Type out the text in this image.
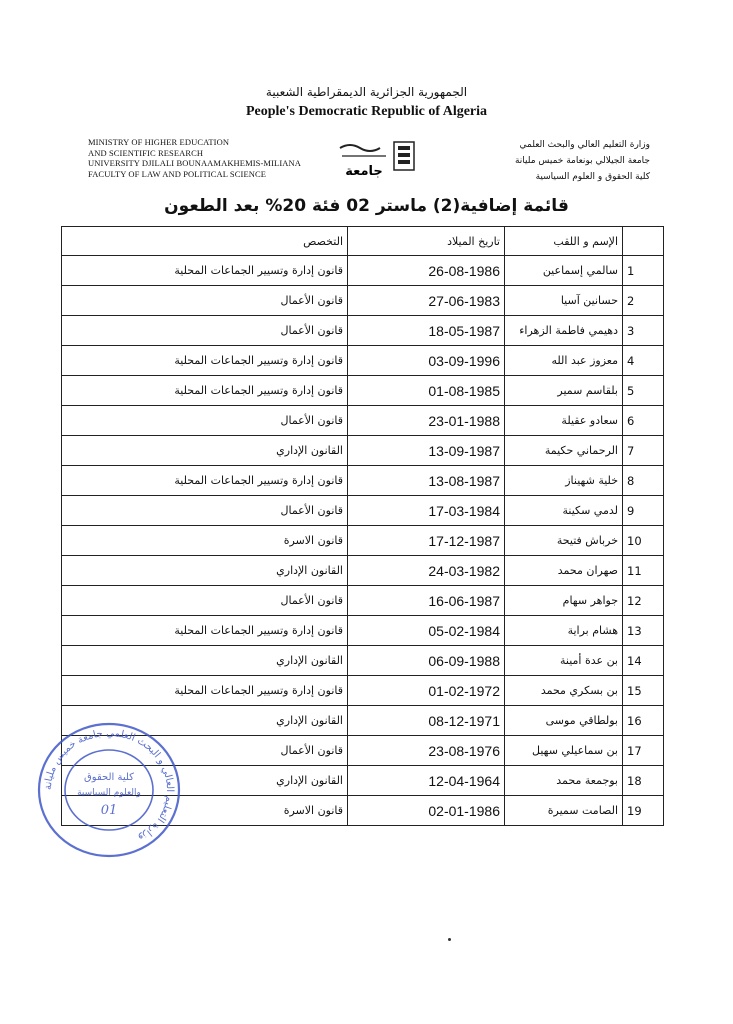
الجمهورية الجزائرية الديمقراطية الشعبية
People's Democratic Republic of Algeria
MINISTRY OF HIGHER EDUCATION
AND SCIENTIFIC RESEARCH
UNIVERSITY DJILALI BOUNAAMAKHEMIS-MILIANA
FACULTY OF LAW AND POLITICAL SCIENCE	جامعة
وزارة التعليم العالي والبحث العلمي
جامعة الجيلالي بونعامة خميس مليانة
كلية الحقوق و العلوم السياسية
قائمة إضافية(2) ماستر 02 فئة 20% بعد الطعون
	الإسم و اللقب	تاريخ الميلاد	التخصص
1	سالمي إسماعين	26-08-1986	قانون إدارة وتسيير الجماعات المحلية
2	حسانين آسيا	27-06-1983	قانون الأعمال
3	دهيمي فاطمة الزهراء	18-05-1987	قانون الأعمال
4	معزوز عبد الله	03-09-1996	قانون إدارة وتسيير الجماعات المحلية
5	بلقاسم سمير	01-08-1985	قانون إدارة وتسيير الجماعات المحلية
6	سعادو عقيلة	23-01-1988	قانون الأعمال
7	الرحماني حكيمة	13-09-1987	القانون الإداري
8	خلية شهيناز	13-08-1987	قانون إدارة وتسيير الجماعات المحلية
9	لدمي سكينة	17-03-1984	قانون الأعمال
10	خرباش فتيحة	17-12-1987	قانون الاسرة
11	صهران محمد	24-03-1982	القانون الإداري
12	جواهر سهام	16-06-1987	قانون الأعمال
13	هشام براية	05-02-1984	قانون إدارة وتسيير الجماعات المحلية
14	بن عدة أمينة	06-09-1988	القانون الإداري
15	بن بسكري محمد	01-02-1972	قانون إدارة وتسيير الجماعات المحلية
16	بولطاقي موسى	08-12-1971	القانون الإداري
17	بن سماعيلي سهيل	23-08-1976	قانون الأعمال
18	بوجمعة محمد	12-04-1964	القانون الإداري
19	الصامت سميرة	02-01-1986	قانون الاسرة
وزارة التعليم العالي و البحث العلمي جامعة خميس مليانة
كلية الحقوق
والعلوم السياسية
01
